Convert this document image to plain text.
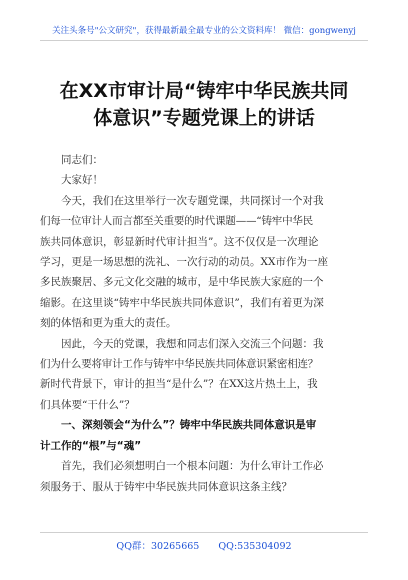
关注头条号"公文研究"，获得最新最全最专业的公文资料库！ 微信：gongwenyj
在XX市审计局“铸牢中华民族共同
体意识”专题党课上的讲话

同志们：

大家好！

今天，我们在这里举行一次专题党课，共同探讨一个对我

们每一位审计人而言都至关重要的时代课题——“铸牢中华民

族共同体意识，彰显新时代审计担当”。这不仅仅是一次理论

学习，更是一场思想的洗礼、一次行动的动员。XX市作为一座

多民族聚居、多元文化交融的城市，是中华民族大家庭的一个

缩影。在这里谈“铸牢中华民族共同体意识”，我们有着更为深

刻的体悟和更为重大的责任。

因此，今天的党课，我想和同志们深入交流三个问题：我

们为什么要将审计工作与铸牢中华民族共同体意识紧密相连？

新时代背景下，审计的担当“是什么”？在XX这片热土上，我

们具体要“干什么”？

一、深刻领会“为什么”？铸牢中华民族共同体意识是审

计工作的“根”与“魂”

首先，我们必须想明白一个根本问题：为什么审计工作必

须服务于、服从于铸牢中华民族共同体意识这条主线？

QQ群：30265665 QQ:535304092
